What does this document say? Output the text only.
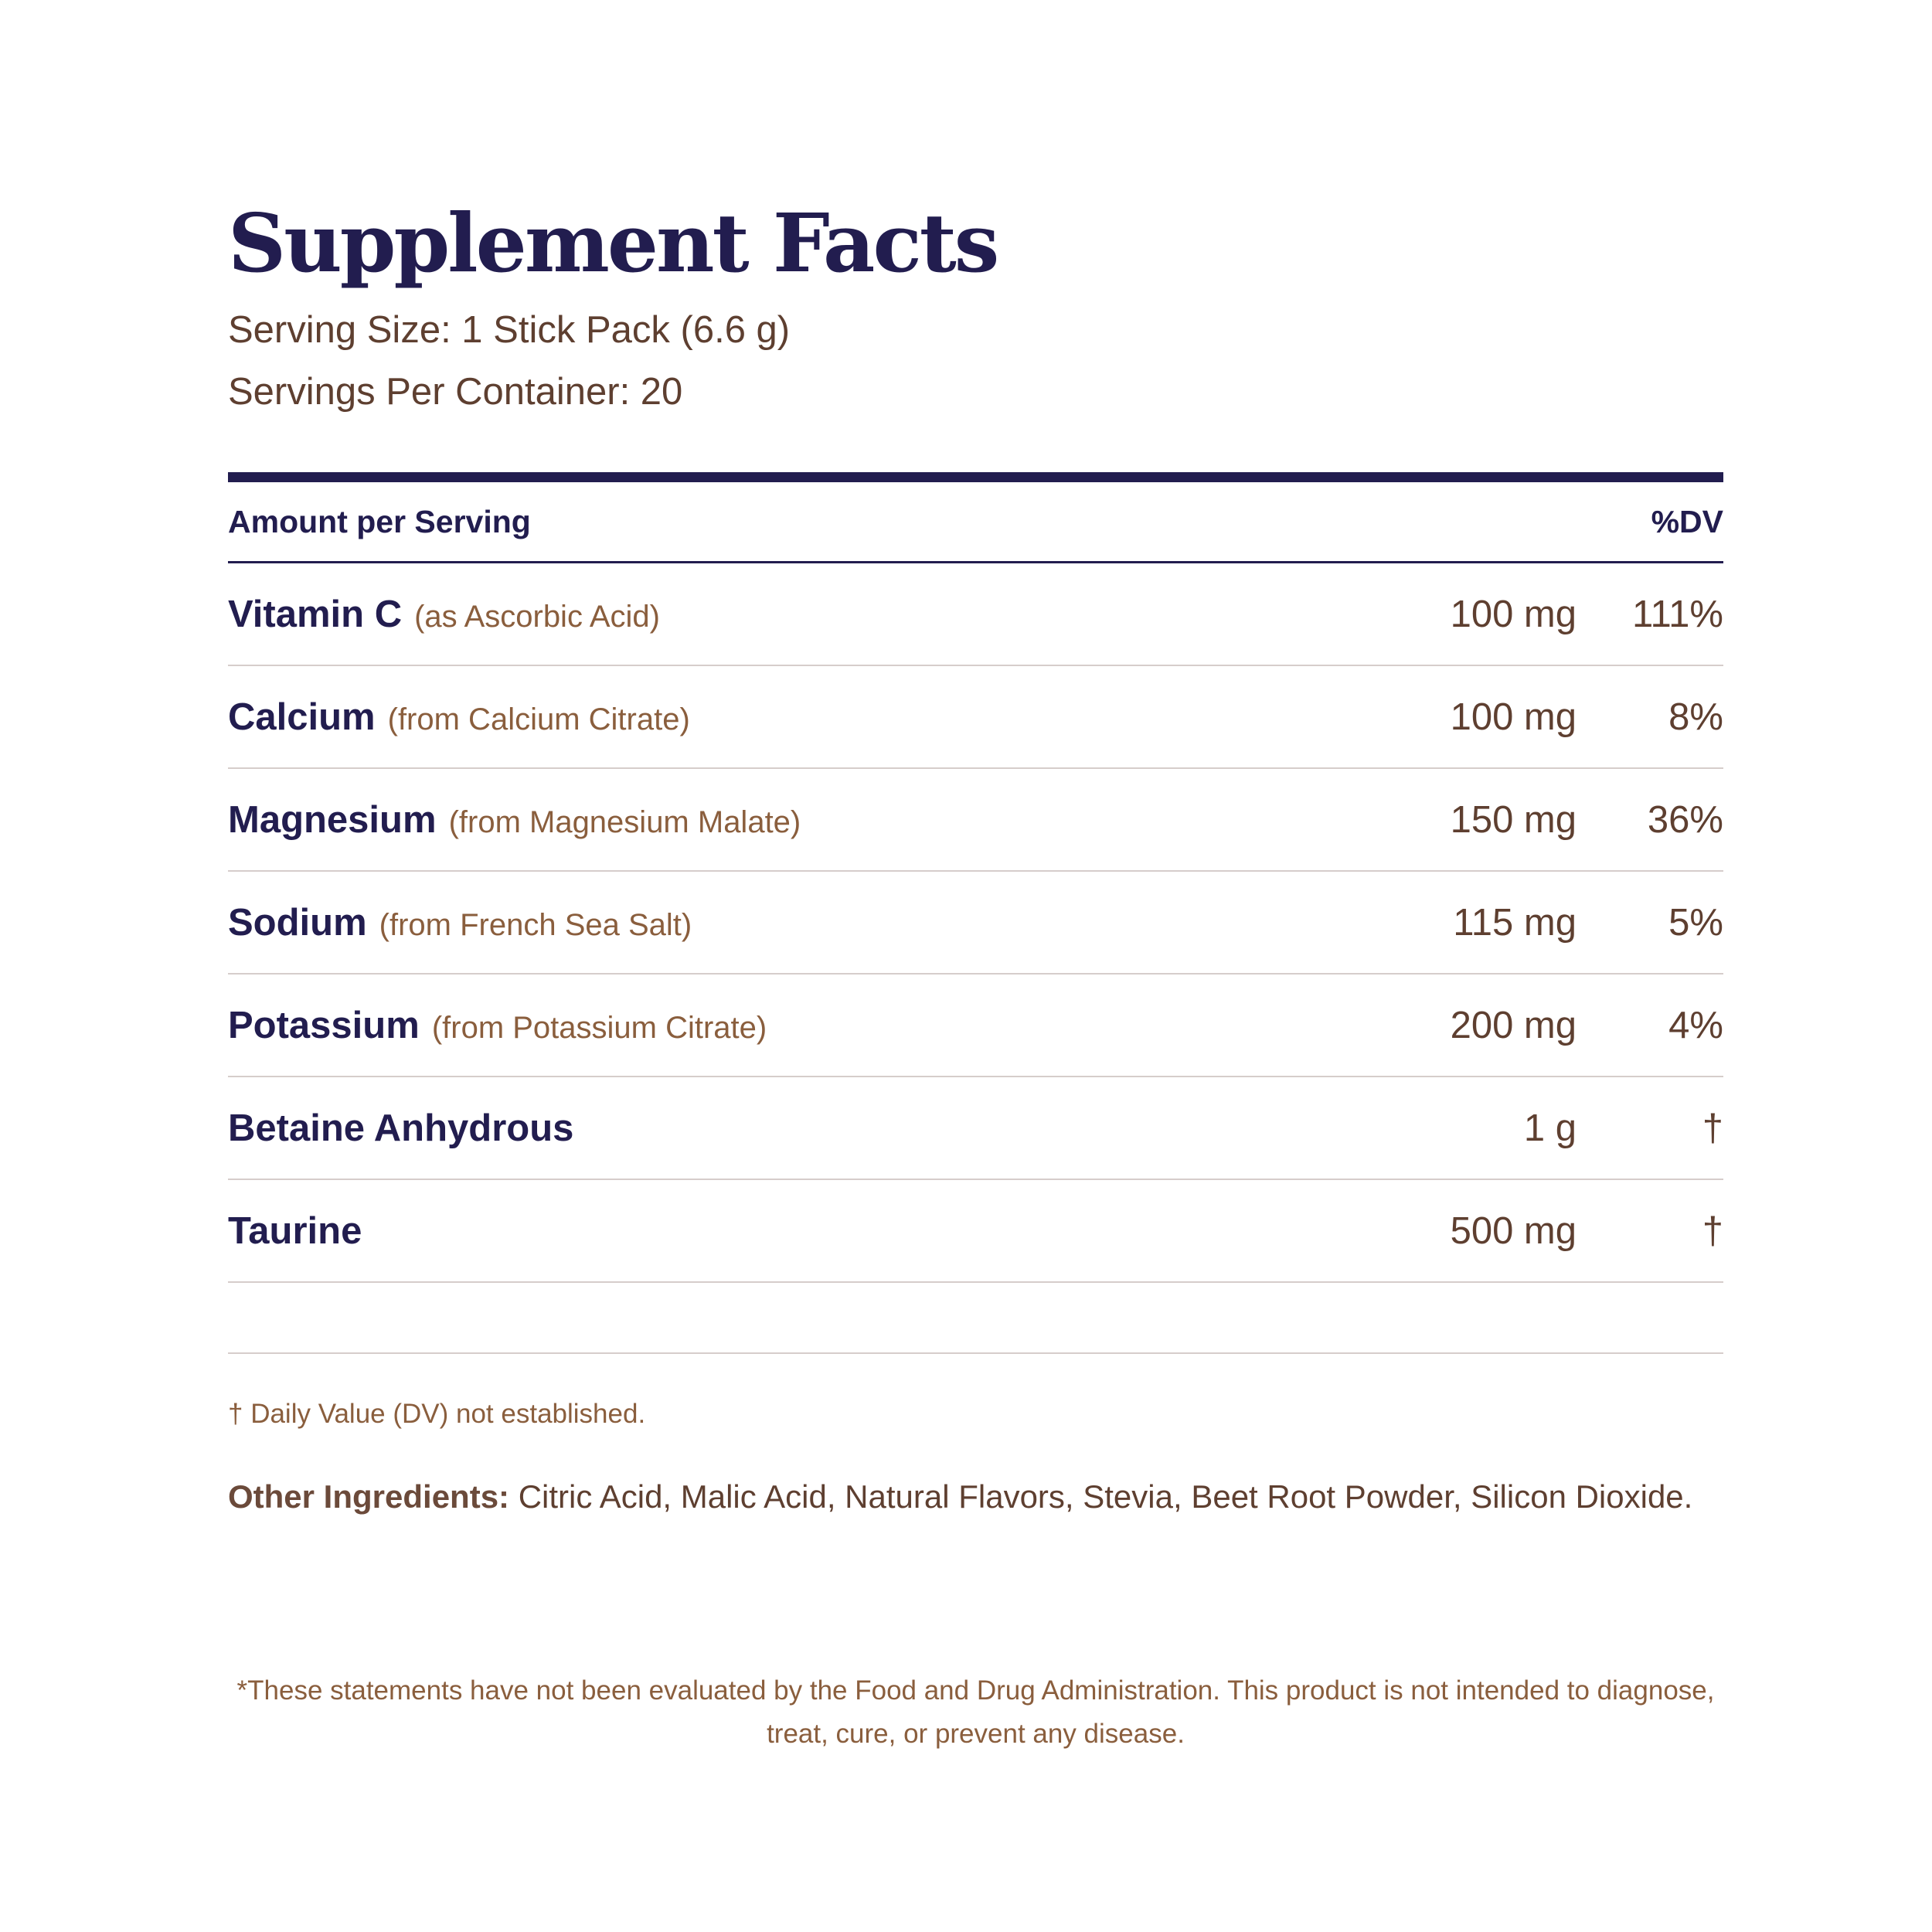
Supplement Facts

Serving Size: 1 Stick Pack (6.6 g)

Servings Per Container: 20

Amount per Serving	%DV
Vitamin C (as Ascorbic Acid)	100 mg	111%
Calcium (from Calcium Citrate)	100 mg	8%
Magnesium (from Magnesium Malate)	150 mg	36%
Sodium (from French Sea Salt)	115 mg	5%
Potassium (from Potassium Citrate)	200 mg	4%
Betaine Anhydrous	1 g	†
Taurine	500 mg	†
† Daily Value (DV) not established.
Other Ingredients: Citric Acid, Malic Acid, Natural Flavors, Stevia, Beet Root Powder, Silicon Dioxide.
*These statements have not been evaluated by the Food and Drug Administration. This product is not intended to diagnose, treat, cure, or prevent any disease.
